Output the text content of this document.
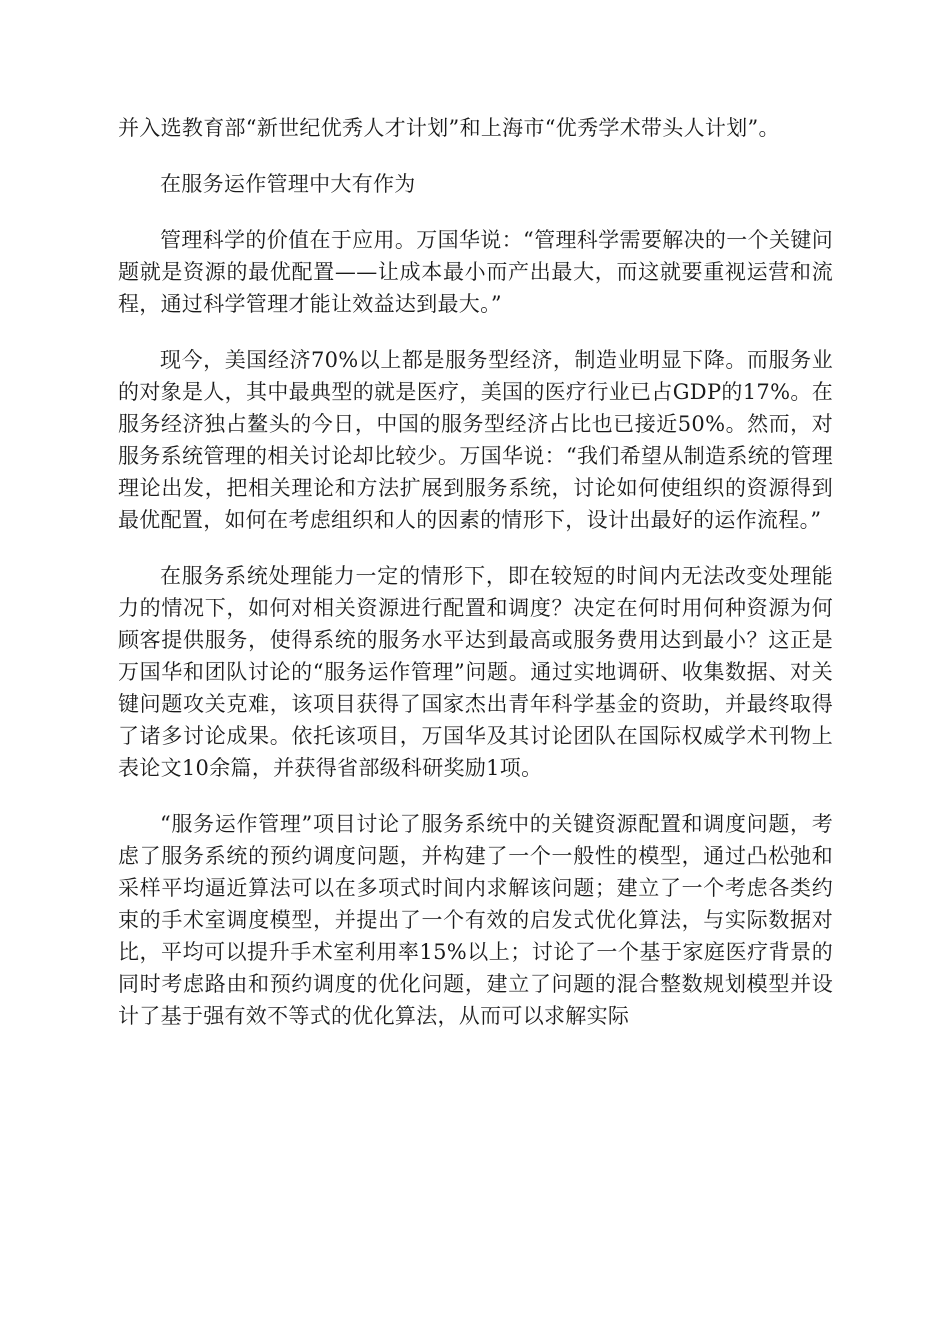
并入选教育部“新世纪优秀人才计划”和上海市“优秀学术带头人计划”。

在服务运作管理中大有作为

管理科学的价值在于应用。万国华说：“管理科学需要解决的一个关键问题就是资源的最优配置——让成本最小而产出最大，而这就要重视运营和流程，通过科学管理才能让效益达到最大。”

现今，美国经济70%以上都是服务型经济，制造业明显下降。而服务业的对象是人，其中最典型的就是医疗，美国的医疗行业已占GDP的17%。在服务经济独占鳌头的今日，中国的服务型经济占比也已接近50%。然而，对服务系统管理的相关讨论却比较少。万国华说：“我们希望从制造系统的管理理论出发，把相关理论和方法扩展到服务系统，讨论如何使组织的资源得到最优配置，如何在考虑组织和人的因素的情形下，设计出最好的运作流程。”

在服务系统处理能力一定的情形下，即在较短的时间内无法改变处理能力的情况下，如何对相关资源进行配置和调度？决定在何时用何种资源为何顾客提供服务，使得系统的服务水平达到最高或服务费用达到最小？这正是万国华和团队讨论的“服务运作管理”问题。通过实地调研、收集数据、对关键问题攻关克难，该项目获得了国家杰出青年科学基金的资助，并最终取得了诸多讨论成果。依托该项目，万国华及其讨论团队在国际权威学术刊物上表论文10余篇，并获得省部级科研奖励1项。

“服务运作管理”项目讨论了服务系统中的关键资源配置和调度问题，考虑了服务系统的预约调度问题，并构建了一个一般性的模型，通过凸松弛和采样平均逼近算法可以在多项式时间内求解该问题；建立了一个考虑各类约束的手术室调度模型，并提出了一个有效的启发式优化算法，与实际数据对比，平均可以提升手术室利用率15%以上；讨论了一个基于家庭医疗背景的同时考虑路由和预约调度的优化问题，建立了问题的混合整数规划模型并设计了基于强有效不等式的优化算法，从而可以求解实际
